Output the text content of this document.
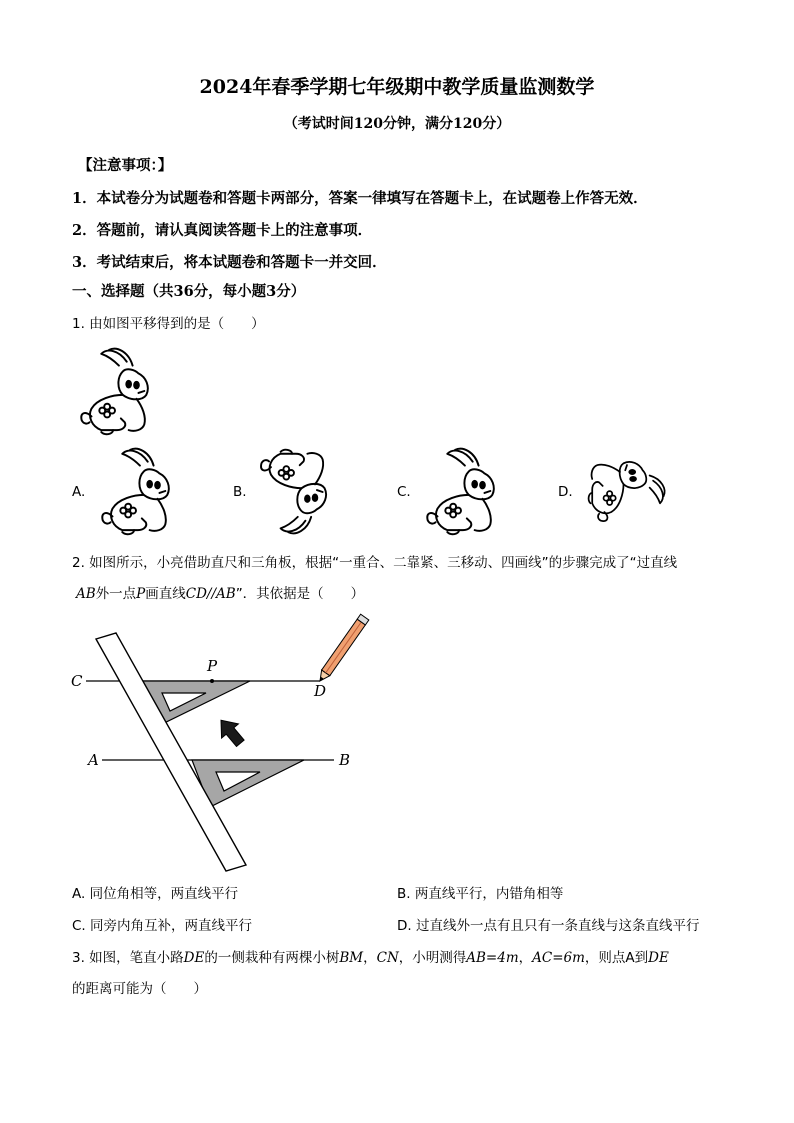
2024年春季学期七年级期中教学质量监测数学
（考试时间120分钟，满分120分）
【注意事项：】
1．本试卷分为试题卷和答题卡两部分，答案一律填写在答题卡上，在试题卷上作答无效．
2．答题前，请认真阅读答题卡上的注意事项．
3．考试结束后，将本试题卷和答题卡一并交回．
一、选择题（共36分，每小题3分）
1. 由如图平移得到的是（　　）
A.	B.	C.	D.
2. 如图所示，小亮借助直尺和三角板，根据“一重合、二靠紧、三移动、四画线”的步骤完成了“过直线
AB外一点P画直线CD//AB”．其依据是（　　）
C
P
D
A	B
A. 同位角相等，两直线平行	B. 两直线平行，内错角相等
C. 同旁内角互补，两直线平行	D. 过直线外一点有且只有一条直线与这条直线平行
3. 如图，笔直小路DE的一侧栽种有两棵小树BM，CN，小明测得AB=4m，AC=6m，则点A到DE
的距离可能为（　　）
